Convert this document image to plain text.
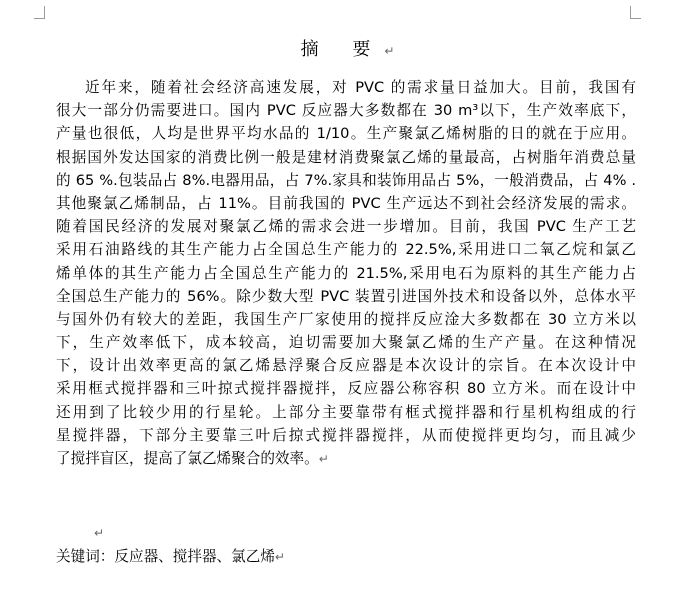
摘 要↵
近年来，随着社会经济高速发展，对 PVC 的需求量日益加大。目前，我国有
很大一部分仍需要进口。国内 PVC 反应器大多数都在 30 m³以下，生产效率底下，
产量也很低，人均是世界平均水品的 1/10。生产聚氯乙烯树脂的日的就在于应用。
根据国外发达国家的消费比例一般是建材消费聚氯乙烯的量最高，占树脂年消费总量
的 65 %.包装品占 8%.电器用品，占 7%.家具和装饰用品占 5%，一般消费品，占 4% .
其他聚氯乙烯制品，占 11%。目前我国的 PVC 生产远达不到社会经济发展的需求。
随着国民经济的发展对聚氯乙烯的需求会进一步增加。目前，我国 PVC 生产工艺
采用石油路线的其生产能力占全国总生产能力的 22.5%,采用进口二氧乙烷和氯乙
烯单体的其生产能力占全国总生产能力的 21.5%,采用电石为原料的其生产能力占
全国总生产能力的 56%。除少数大型 PVC 装置引进国外技术和设备以外，总体水平
与国外仍有较大的差距，我国生产厂家使用的搅拌反应淦大多数都在 30 立方米以
下，生产效率低下，成本较高，迫切需要加大聚氯乙烯的生产产量。在这种情况
下，设计出效率更高的氯乙烯悬浮聚合反应器是本次设计的宗旨。在本次设计中
采用框式搅拌器和三叶掠式搅拌器搅拌，反应器公称容积 80 立方米。而在设计中
还用到了比较少用的行星轮。上部分主要靠带有框式搅拌器和行星机构组成的行
星搅拌器，下部分主要靠三叶后掠式搅拌器搅拌，从而使搅拌更均匀，而且减少
了搅拌盲区，提高了氯乙烯聚合的效率。↵
↵
关键词：反应器、搅拌器、氯乙烯↵
